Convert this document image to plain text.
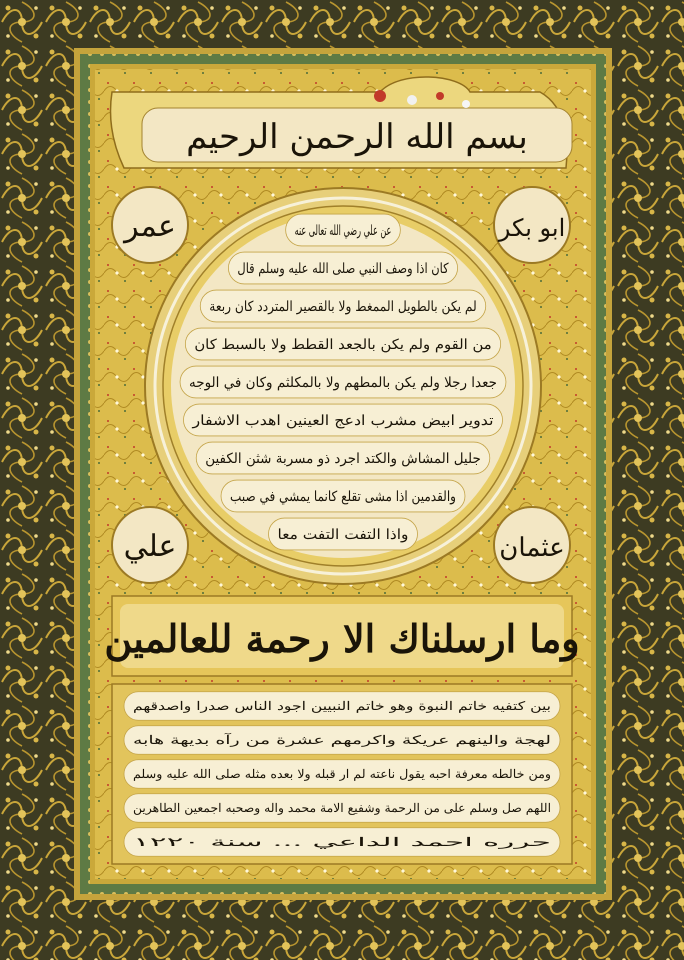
بسم الله الرحمن الرحيم
عن علي رضي الله تعالى عنه
كان اذا وصف النبي صلى الله عليه وسلم قال
لم يكن بالطويل الممغط ولا بالقصير المتردد كان ربعة
من القوم ولم يكن بالجعد القطط ولا بالسبط كان
جعدا رجلا ولم يكن بالمطهم ولا بالمكلثم وكان في الوجه
تدوير ابيض مشرب ادعج العينين اهدب الاشفار
جليل المشاش والكتد اجرد ذو مسربة شثن الكفين
والقدمين اذا مشى تقلع كانما يمشي في صبب
واذا التفت التفت معا
عمر	ابو بكر
علي	عثمان
وما ارسلناك الا رحمة للعالمين
بين كتفيه خاتم النبوة وهو خاتم النبيين اجود الناس صدرا واصدقهم
لهجة والينهم عريكة واكرمهم عشرة من رآه بديهة هابه
ومن خالطه معرفة احبه يقول ناعته لم ار قبله ولا بعده مثله صلى الله عليه وسلم
اللهم صل وسلم على من الرحمة وشفيع الامة محمد واله وصحبه اجمعين الطاهرين
حرره احمد الداعي ... سنة ١٢٢٠
